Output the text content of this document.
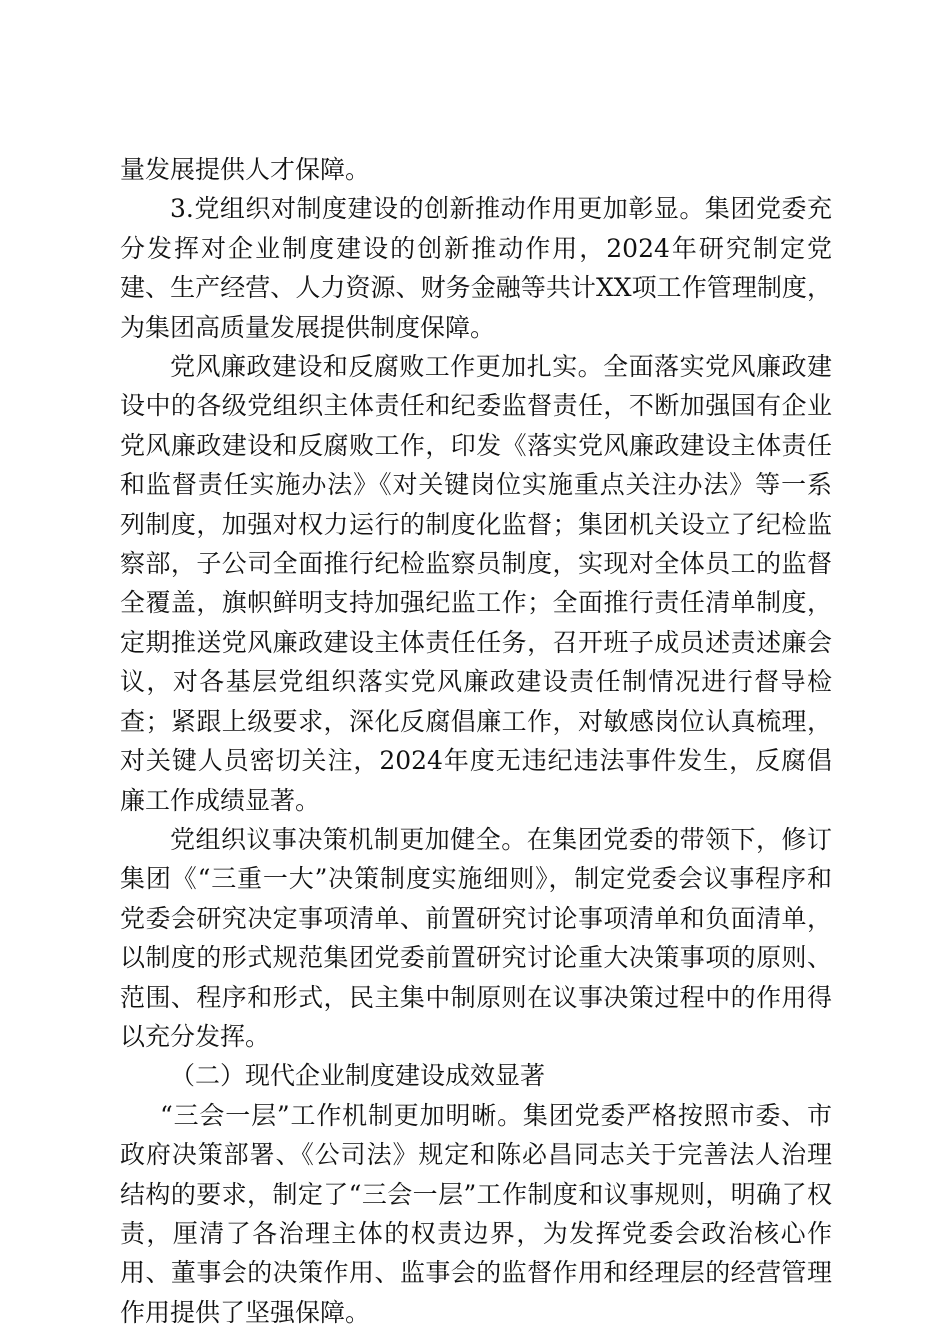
量发展提供人才保障。

3.党组织对制度建设的创新推动作用更加彰显。集团党委充分发挥对企业制度建设的创新推动作用，2024年研究制定党建、生产经营、人力资源、财务金融等共计XX项工作管理制度，为集团高质量发展提供制度保障。

党风廉政建设和反腐败工作更加扎实。全面落实党风廉政建设中的各级党组织主体责任和纪委监督责任，不断加强国有企业党风廉政建设和反腐败工作，印发《落实党风廉政建设主体责任和监督责任实施办法》《对关键岗位实施重点关注办法》等一系列制度，加强对权力运行的制度化监督；集团机关设立了纪检监察部，子公司全面推行纪检监察员制度，实现对全体员工的监督全覆盖，旗帜鲜明支持加强纪监工作；全面推行责任清单制度，定期推送党风廉政建设主体责任任务，召开班子成员述责述廉会议，对各基层党组织落实党风廉政建设责任制情况进行督导检查；紧跟上级要求，深化反腐倡廉工作，对敏感岗位认真梳理，对关键人员密切关注，2024年度无违纪违法事件发生，反腐倡廉工作成绩显著。

党组织议事决策机制更加健全。在集团党委的带领下，修订集团《“三重一大”决策制度实施细则》，制定党委会议事程序和党委会研究决定事项清单、前置研究讨论事项清单和负面清单，以制度的形式规范集团党委前置研究讨论重大决策事项的原则、范围、程序和形式，民主集中制原则在议事决策过程中的作用得以充分发挥。

（二）现代企业制度建设成效显著

“三会一层”工作机制更加明晰。集团党委严格按照市委、市政府决策部署、《公司法》规定和陈必昌同志关于完善法人治理结构的要求，制定了“三会一层”工作制度和议事规则，明确了权责，厘清了各治理主体的权责边界，为发挥党委会政治核心作用、董事会的决策作用、监事会的监督作用和经理层的经营管理作用提供了坚强保障。
